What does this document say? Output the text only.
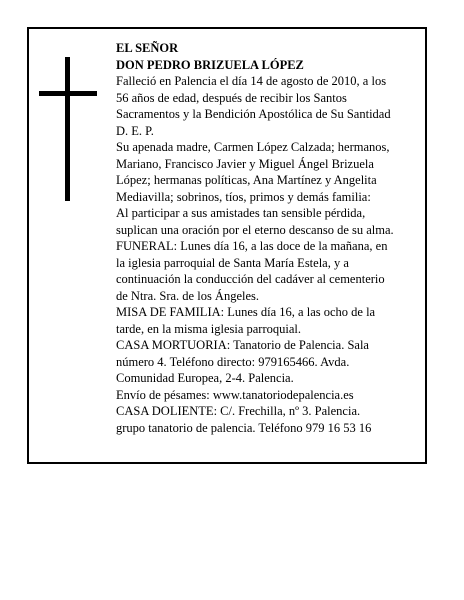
EL SEÑOR
DON PEDRO BRIZUELA LÓPEZ
Falleció en Palencia el día 14 de agosto de 2010, a los
56 años de edad, después de recibir los Santos
Sacramentos y la Bendición Apostólica de Su Santidad
D. E. P.
Su apenada madre, Carmen López Calzada; hermanos,
Mariano, Francisco Javier y Miguel Ángel Brizuela
López; hermanas políticas, Ana Martínez y Angelita
Mediavilla; sobrinos, tíos, primos y demás familia:
Al participar a sus amistades tan sensible pérdida,
suplican una oración por el eterno descanso de su alma.
FUNERAL: Lunes día 16, a las doce de la mañana, en
la iglesia parroquial de Santa María Estela, y a
continuación la conducción del cadáver al cementerio
de Ntra. Sra. de los Ángeles.
MISA DE FAMILIA: Lunes día 16, a las ocho de la
tarde, en la misma iglesia parroquial.
CASA MORTUORIA: Tanatorio de Palencia. Sala
número 4. Teléfono directo: 979165466. Avda.
Comunidad Europea, 2-4. Palencia.
Envío de pésames: www.tanatoriodepalencia.es
CASA DOLIENTE: C/. Frechilla, nº 3. Palencia.
grupo tanatorio de palencia. Teléfono 979 16 53 16
